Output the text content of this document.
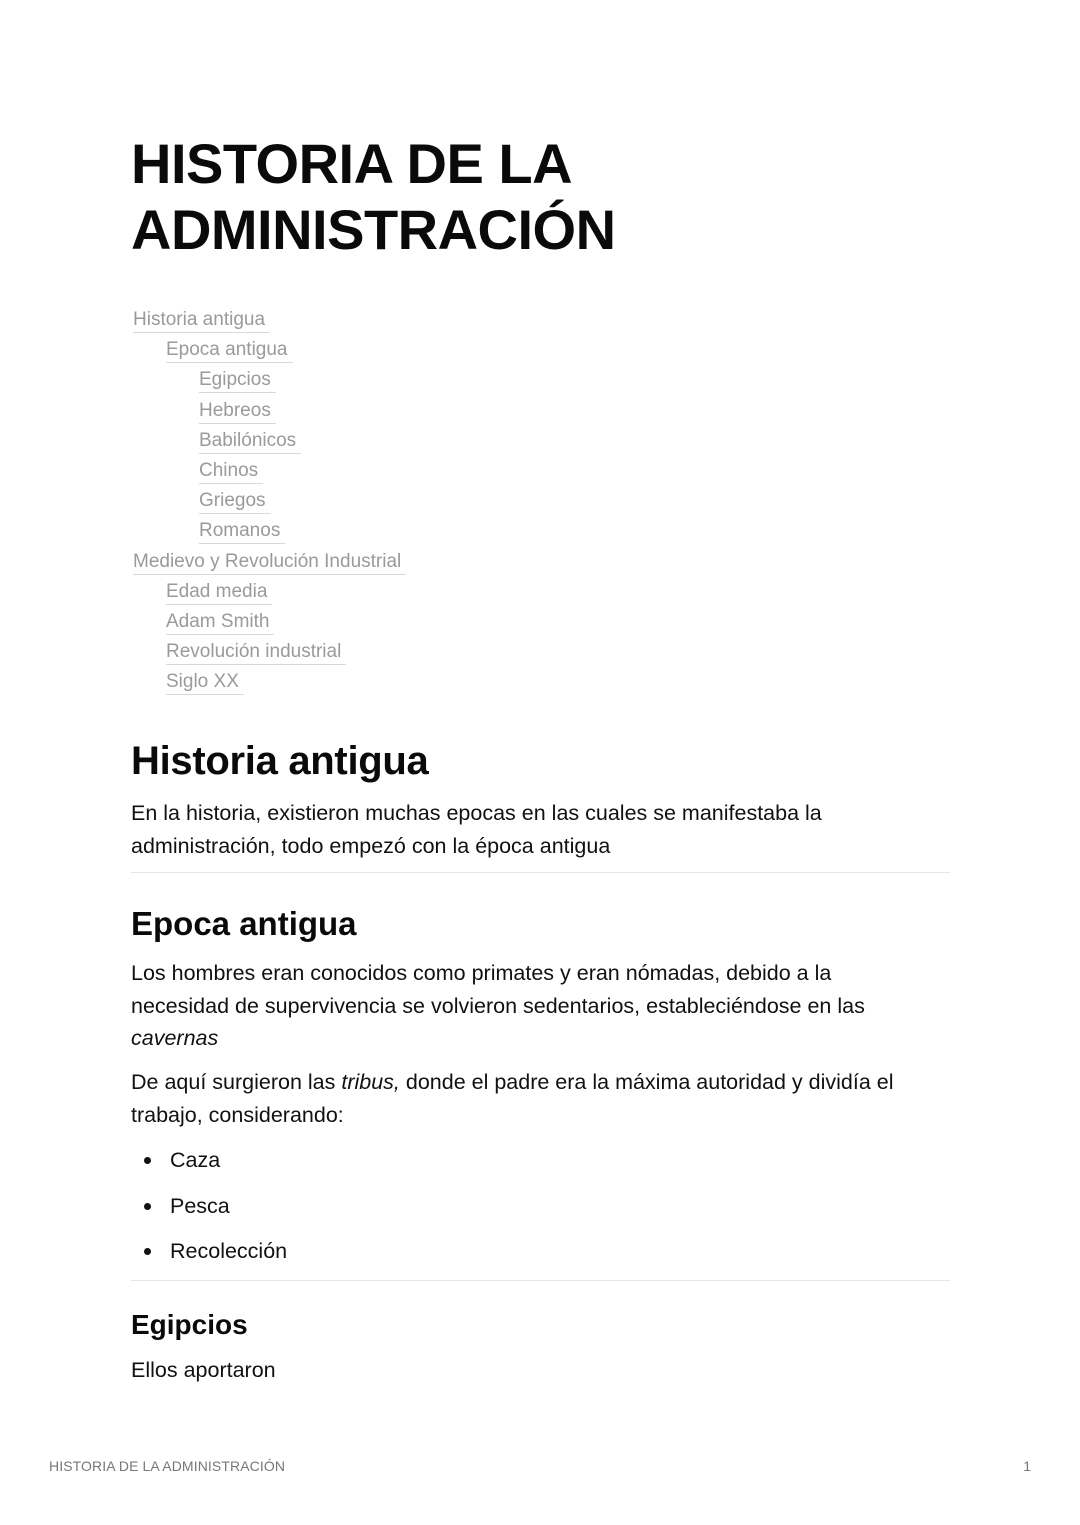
HISTORIA DE LA
ADMINISTRACIÓN
Historia antigua
Epoca antigua
Egipcios
Hebreos
Babilónicos
Chinos
Griegos
Romanos
Medievo y Revolución Industrial
Edad media
Adam Smith
Revolución industrial
Siglo XX
Historia antigua

En la historia, existieron muchas epocas en las cuales se manifestaba la
administración, todo empezó con la época antigua

Epoca antigua

Los hombres eran conocidos como primates y eran nómadas, debido a la
necesidad de supervivencia se volvieron sedentarios, estableciéndose en las
cavernas

De aquí surgieron las tribus, donde el padre era la máxima autoridad y dividía el
trabajo, considerando:

Caza
Pesca
Recolección
Egipcios

Ellos aportaron

HISTORIA DE LA ADMINISTRACIÓN	1
